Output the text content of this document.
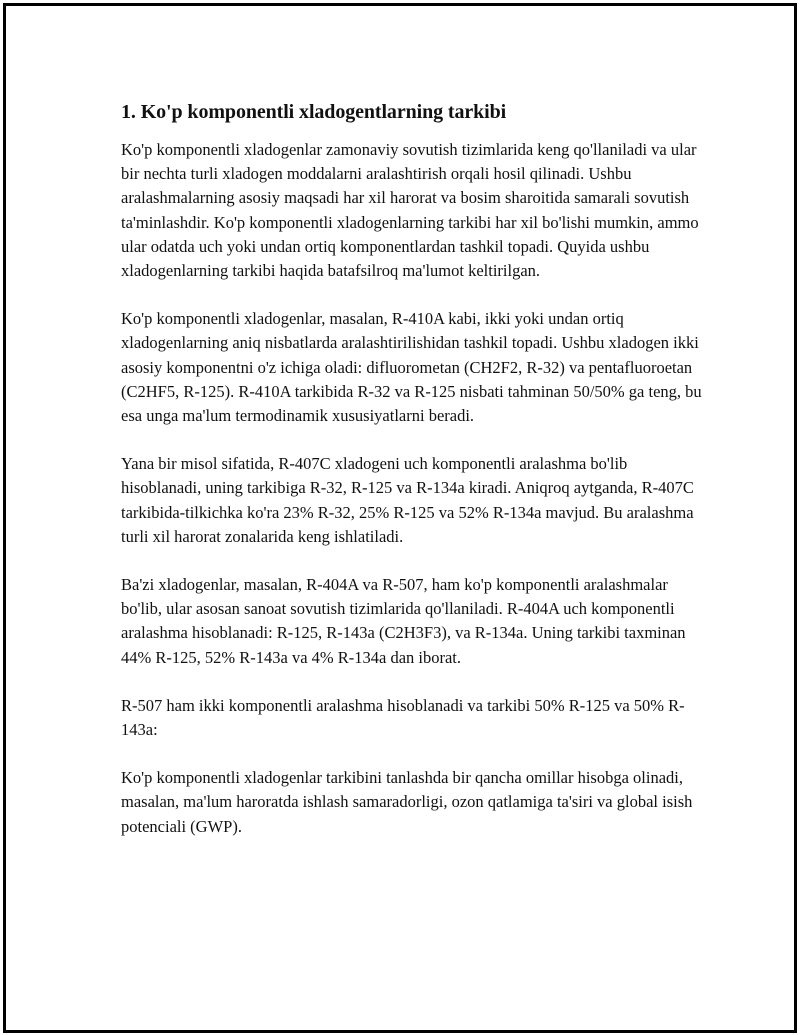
1. Ko'p komponentli xladogentlarning tarkibi

Ko'p komponentli xladogenlar zamonaviy sovutish tizimlarida keng qo'llaniladi va ular bir nechta turli xladogen moddalarni aralashtirish orqali hosil qilinadi. Ushbu aralashmalarning asosiy maqsadi har xil harorat va bosim sharoitida samarali sovutish ta'minlashdir. Ko'p komponentli xladogenlarning tarkibi har xil bo'lishi mumkin, ammo ular odatda uch yoki undan ortiq komponentlardan tashkil topadi. Quyida ushbu xladogenlarning tarkibi haqida batafsilroq ma'lumot keltirilgan.

Ko'p komponentli xladogenlar, masalan, R-410A kabi, ikki yoki undan ortiq xladogenlarning aniq nisbatlarda aralashtirilishidan tashkil topadi. Ushbu xladogen ikki asosiy komponentni o'z ichiga oladi: difluorometan (CH2F2, R-32) va pentafluoroetan (C2HF5, R-125). R-410A tarkibida R-32 va R-125 nisbati tahminan 50/50% ga teng, bu esa unga ma'lum termodinamik xususiyatlarni beradi.

Yana bir misol sifatida, R-407C xladogeni uch komponentli aralashma bo'lib hisoblanadi, uning tarkibiga R-32, R-125 va R-134a kiradi. Aniqroq aytganda, R-407C tarkibida-tilkichka ko'ra 23% R-32, 25% R-125 va 52% R-134a mavjud. Bu aralashma turli xil harorat zonalarida keng ishlatiladi.

Ba'zi xladogenlar, masalan, R-404A va R-507, ham ko'p komponentli aralashmalar bo'lib, ular asosan sanoat sovutish tizimlarida qo'llaniladi. R-404A uch komponentli aralashma hisoblanadi: R-125, R-143a (C2H3F3), va R-134a. Uning tarkibi taxminan 44% R-125, 52% R-143a va 4% R-134a dan iborat.

R-507 ham ikki komponentli aralashma hisoblanadi va tarkibi 50% R-125 va 50% R-143a:

Ko'p komponentli xladogenlar tarkibini tanlashda bir qancha omillar hisobga olinadi, masalan, ma'lum haroratda ishlash samaradorligi, ozon qatlamiga ta'siri va global isish potenciali (GWP).
